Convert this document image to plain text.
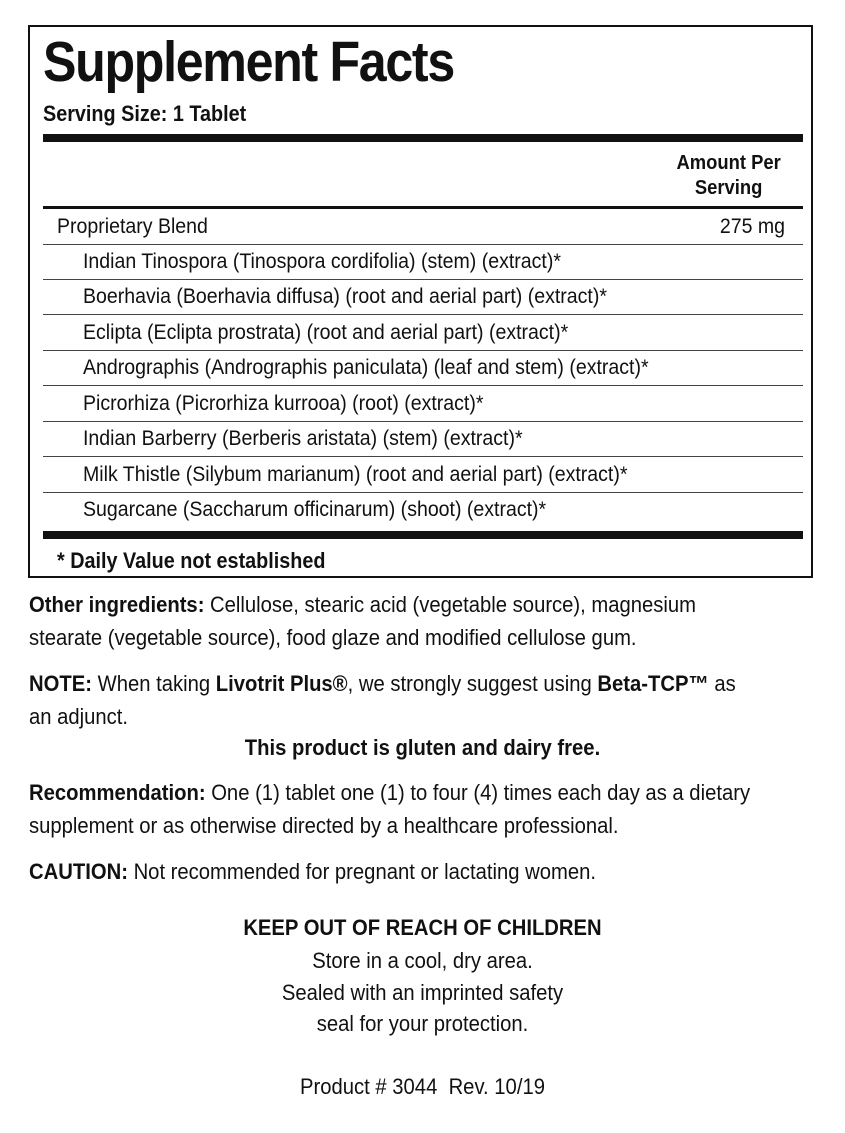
Supplement Facts
Serving Size: 1 Tablet
Amount Per
Serving
Proprietary Blend	275 mg
Indian Tinospora (Tinospora cordifolia) (stem) (extract)*
Boerhavia (Boerhavia diffusa) (root and aerial part) (extract)*
Eclipta (Eclipta prostrata) (root and aerial part) (extract)*
Andrographis (Andrographis paniculata) (leaf and stem) (extract)*
Picrorhiza (Picrorhiza kurrooa) (root) (extract)*
Indian Barberry (Berberis aristata) (stem) (extract)*
Milk Thistle (Silybum marianum) (root and aerial part) (extract)*
Sugarcane (Saccharum officinarum) (shoot) (extract)*
* Daily Value not established
Other ingredients: Cellulose, stearic acid (vegetable source), magnesium stearate (vegetable source), food glaze and modified cellulose gum.
NOTE: When taking Livotrit Plus®, we strongly suggest using Beta-TCP™ as an adjunct.
This product is gluten and dairy free.
Recommendation: One (1) tablet one (1) to four (4) times each day as a dietary supplement or as otherwise directed by a healthcare professional.
CAUTION: Not recommended for pregnant or lactating women.
KEEP OUT OF REACH OF CHILDREN
Store in a cool, dry area.
Sealed with an imprinted safety
seal for your protection.
Product # 3044  Rev. 10/19
